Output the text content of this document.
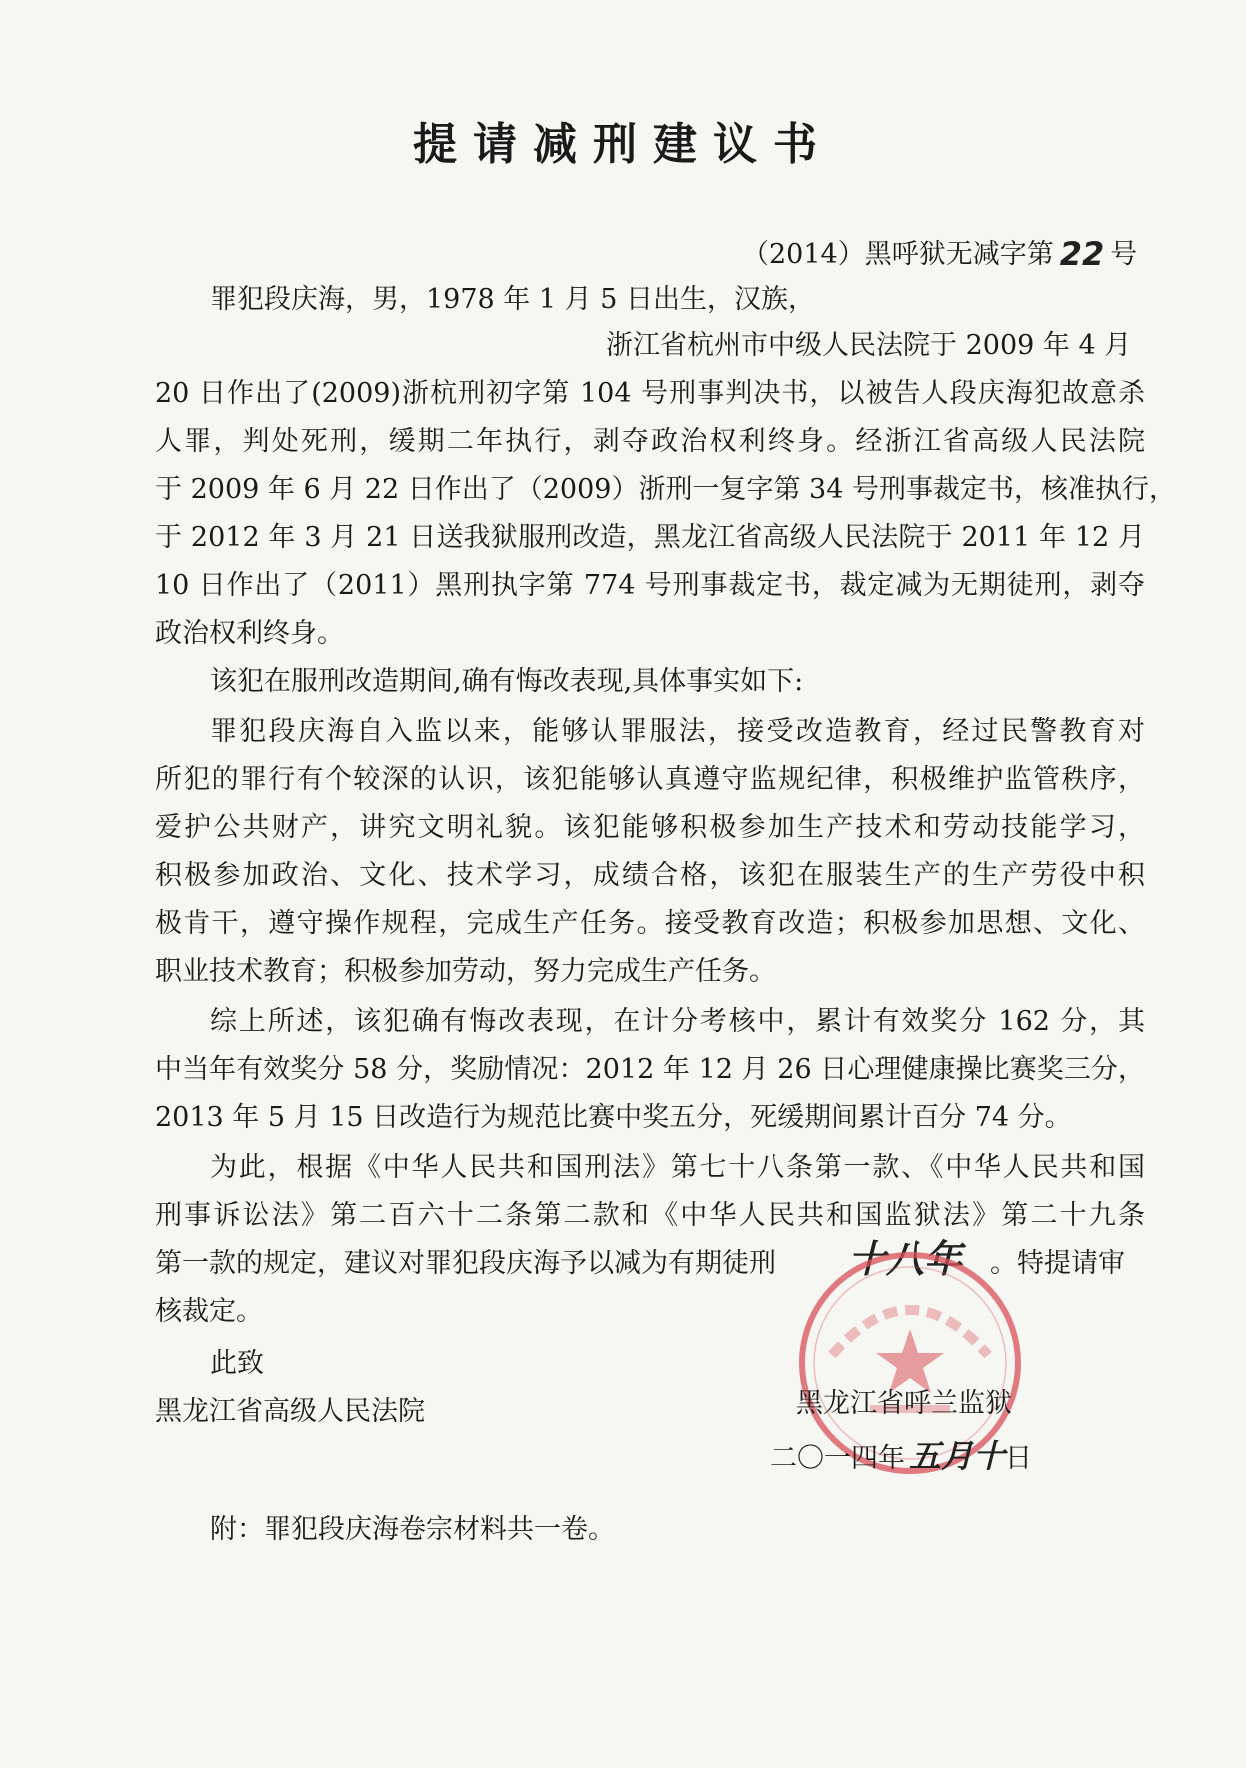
提请减刑建议书
（2014）黑呼狱无减字第 22 号
罪犯段庆海，男，1978 年 1 月 5 日出生，汉族，
浙江省杭州市中级人民法院于 2009 年 4 月
20 日作出了(2009)浙杭刑初字第 104 号刑事判决书，以被告人段庆海犯故意杀
人罪，判处死刑，缓期二年执行，剥夺政治权利终身。经浙江省高级人民法院
于 2009 年 6 月 22 日作出了（2009）浙刑一复字第 34 号刑事裁定书，核准执行，
于 2012 年 3 月 21 日送我狱服刑改造，黑龙江省高级人民法院于 2011 年 12 月
10 日作出了（2011）黑刑执字第 774 号刑事裁定书，裁定减为无期徒刑，剥夺
政治权利终身。
该犯在服刑改造期间,确有悔改表现,具体事实如下:
罪犯段庆海自入监以来，能够认罪服法，接受改造教育，经过民警教育对
所犯的罪行有个较深的认识，该犯能够认真遵守监规纪律，积极维护监管秩序，
爱护公共财产，讲究文明礼貌。该犯能够积极参加生产技术和劳动技能学习，
积极参加政治、文化、技术学习，成绩合格，该犯在服装生产的生产劳役中积
极肯干，遵守操作规程，完成生产任务。接受教育改造；积极参加思想、文化、
职业技术教育；积极参加劳动，努力完成生产任务。
综上所述，该犯确有悔改表现，在计分考核中，累计有效奖分 162 分，其
中当年有效奖分 58 分，奖励情况：2012 年 12 月 26 日心理健康操比赛奖三分，
2013 年 5 月 15 日改造行为规范比赛中奖五分，死缓期间累计百分 74 分。
为此，根据《中华人民共和国刑法》第七十八条第一款、《中华人民共和国
刑事诉讼法》第二百六十二条第二款和《中华人民共和国监狱法》第二十九条
第一款的规定，建议对罪犯段庆海予以减为有期徒刑 十八年 。特提请审
核裁定。
此致
黑龙江省高级人民法院	黑龙江省呼兰监狱
二〇一四年 五月十日
附：罪犯段庆海卷宗材料共一卷。
